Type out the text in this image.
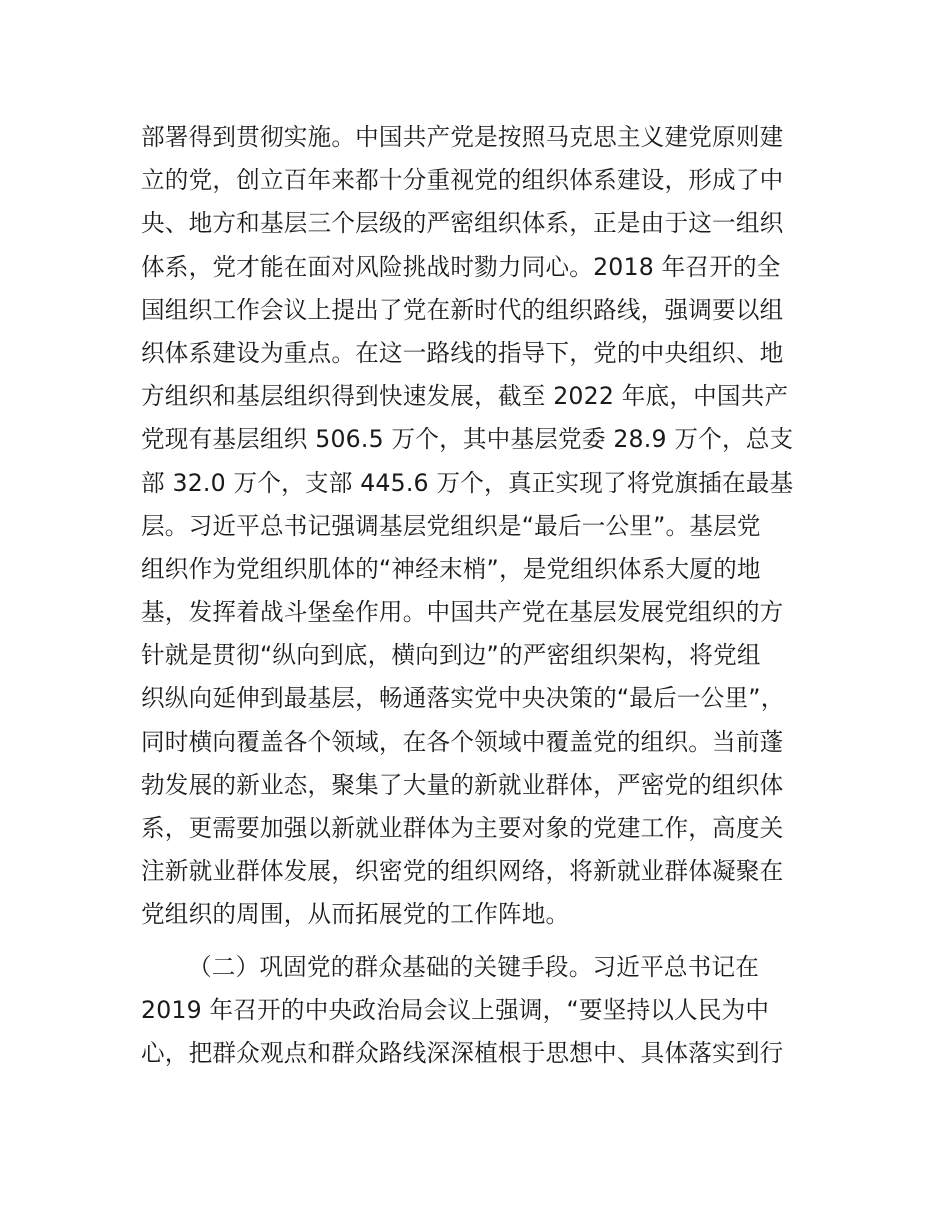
部署得到贯彻实施。中国共产党是按照马克思主义建党原则建
立的党，创立百年来都十分重视党的组织体系建设，形成了中
央、地方和基层三个层级的严密组织体系，正是由于这一组织
体系，党才能在面对风险挑战时勠力同心。2018 年召开的全
国组织工作会议上提出了党在新时代的组织路线，强调要以组
织体系建设为重点。在这一路线的指导下，党的中央组织、地
方组织和基层组织得到快速发展，截至 2022 年底，中国共产
党现有基层组织 506.5 万个，其中基层党委 28.9 万个，总支
部 32.0 万个，支部 445.6 万个，真正实现了将党旗插在最基
层。习近平总书记强调基层党组织是“最后一公里”。基层党
组织作为党组织肌体的“神经末梢”，是党组织体系大厦的地
基，发挥着战斗堡垒作用。中国共产党在基层发展党组织的方
针就是贯彻“纵向到底，横向到边”的严密组织架构，将党组
织纵向延伸到最基层，畅通落实党中央决策的“最后一公里”，
同时横向覆盖各个领域，在各个领域中覆盖党的组织。当前蓬
勃发展的新业态，聚集了大量的新就业群体，严密党的组织体
系，更需要加强以新就业群体为主要对象的党建工作，高度关
注新就业群体发展，织密党的组织网络，将新就业群体凝聚在
党组织的周围，从而拓展党的工作阵地。
（二）巩固党的群众基础的关键手段。习近平总书记在
2019 年召开的中央政治局会议上强调，“要坚持以人民为中
心，把群众观点和群众路线深深植根于思想中、具体落实到行
